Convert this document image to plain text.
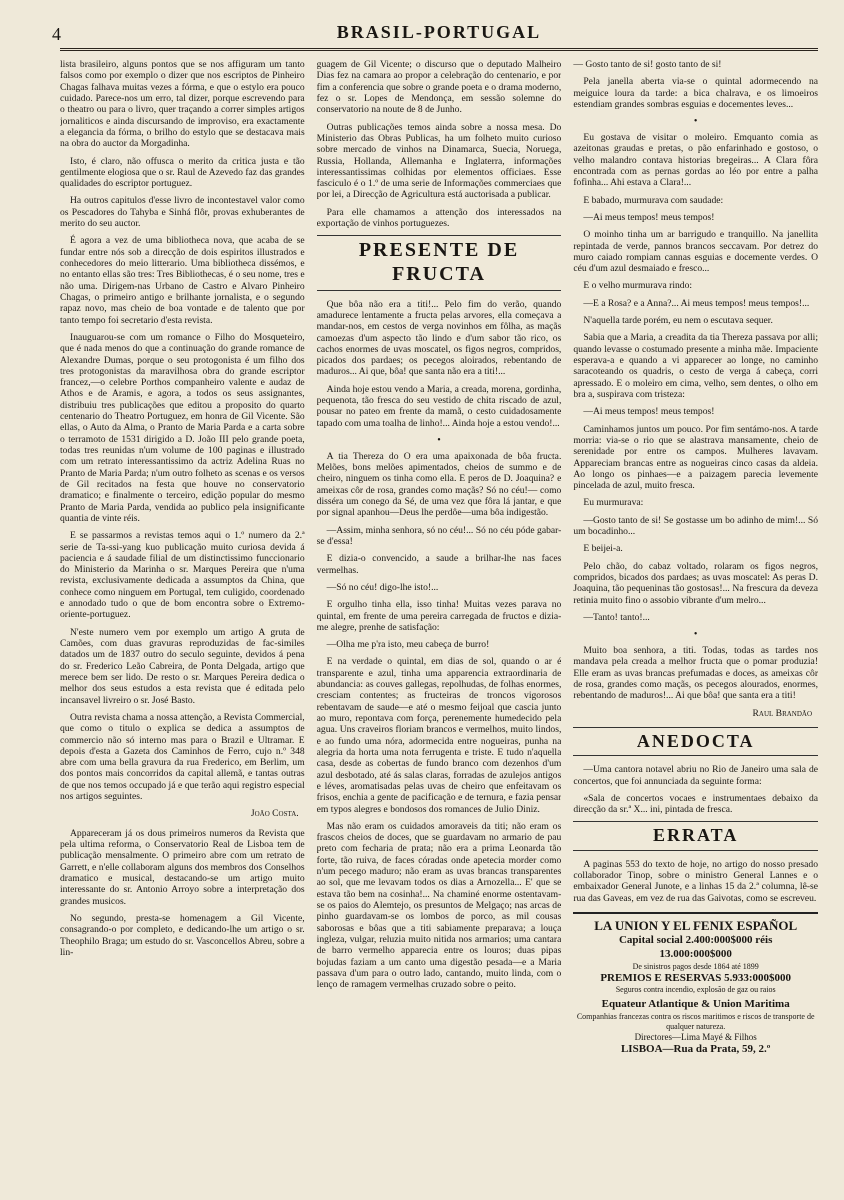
4	BRASIL-PORTUGAL

lista brasileiro, alguns pontos que se nos affiguram um tanto falsos como por exemplo o dizer que nos escriptos de Pinheiro Chagas falhava muitas vezes a fórma, e que o estylo era pouco cuidado. Parece-nos um erro, tal dizer, porque escrevendo para o theatro ou para o livro, quer traçando a correr simples artigos jornaliticos e ainda discursando de improviso, era exactamente a elegancia da fórma, o brilho do estylo que se destacava mais na obra do auctor da Morgadinha.

Isto, é claro, não offusca o merito da critica justa e tão gentilmente elogiosa que o sr. Raul de Azevedo faz das grandes qualidades do escriptor portuguez.

Ha outros capitulos d'esse livro de incontestavel valor como os Pescadores do Tahyba e Sinhá flôr, provas exhuberantes de merito do seu auctor.

É agora a vez de uma bibliotheca nova, que acaba de se fundar entre nós sob a direcção de dois espiritos illustrados e conhecedores do meio litterario. Uma bibliotheca dissémos, e no entanto ellas são tres: Tres Bibliothecas, é o seu nome, tres e não uma. Dirigem-nas Urbano de Castro e Alvaro Pinheiro Chagas, o primeiro antigo e brilhante jornalista, e o segundo rapaz novo, mas cheio de boa vontade e de talento que por tanto tempo foi secretario d'esta revista.

Inauguarou-se com um romance o Filho do Mosqueteiro, que é nada menos do que a continuação do grande romance de Alexandre Dumas, porque o seu protogonista é um filho dos tres protogonistas da maravilhosa obra do grande escriptor francez,—o celebre Porthos companheiro valente e audaz de Athos e de Aramis, e agora, a todos os seus assignantes, distribuiu tres publicações que editou a proposito do quarto centenario do Theatro Portuguez, em honra de Gil Vicente. São ellas, o Auto da Alma, o Pranto de Maria Parda e a carta sobre o terramoto de 1531 dirigido a D. João III pelo grande poeta, todas tres reunidas n'um volume de 100 paginas e illustrado com um retrato interessantissimo da actriz Adelina Ruas no Pranto de Maria Parda; n'um outro folheto as scenas e os versos de Gil recitados na festa que houve no conservatorio dramatico; e finalmente o terceiro, edição popular do mesmo Pranto de Maria Parda, vendida ao publico pela insignificante quantia de vinte réis.

E se passarmos a revistas temos aqui o 1.º numero da 2.ª serie de Ta-ssi-yang kuo publicação muito curiosa devida á paciencia e á saudade filial de um distinctissimo funccionario do Ministerio da Marinha o sr. Marques Pereira que n'uma revista, exclusivamente dedicada a assumptos da China, que conhece como ninguem em Portugal, tem culigido, coordenado e annodado tudo o que de bom encontra sobre o Extremo-oriente-portuguez.

N'este numero vem por exemplo um artigo A gruta de Camões, com duas gravuras reproduzidas de fac-similes datados um de 1837 outro do seculo seguinte, devidos á pena do sr. Frederico Leão Cabreira, de Ponta Delgada, artigo que merece bem ser lido. De resto o sr. Marques Pereira dedica o melhor dos seus estudos a esta revista que é editada pelo incansavel livreiro o sr. José Basto.

Outra revista chama a nossa attenção, a Revista Commercial, que como o titulo o explica se dedica a assumptos de commercio não só interno mas para o Brazil e Ultramar. E depois d'esta a Gazeta dos Caminhos de Ferro, cujo n.º 348 abre com uma bella gravura da rua Frederico, em Berlim, um dos pontos mais concorridos da capital allemã, e tantas outras de que nos temos occupado já e que terão aqui registro especial nos artigos seguintes.

João Costa.

Appareceram já os dous primeiros numeros da Revista que pela ultima reforma, o Conservatorio Real de Lisboa tem de publicação mensalmente. O primeiro abre com um retrato de Garrett, e n'elle collaboram alguns dos membros dos Conselhos dramatico e musical, destacando-se um artigo muito interessante do sr. Antonio Arroyo sobre a interpretação dos grandes musicos.

No segundo, presta-se homenagem a Gil Vicente, consagrando-o por completo, e dedicando-lhe um artigo o sr. Theophilo Braga; um estudo do sr. Vasconcellos Abreu, sobre a lin-

guagem de Gil Vicente; o discurso que o deputado Malheiro Dias fez na camara ao propor a celebração do centenario, e por fim a conferencia que sobre o grande poeta e o drama moderno, fez o sr. Lopes de Mendonça, em sessão solemne do conservatorio na noute de 8 de Junho.

Outras publicações temos ainda sobre a nossa mesa. Do Ministerio das Obras Publicas, ha um folheto muito curioso sobre mercado de vinhos na Dinamarca, Suecia, Noruega, Russia, Hollanda, Allemanha e Inglaterra, informações interessantissimas colhidas por elementos officiaes. Esse fasciculo é o 1.º de uma serie de Informações commerciaes que por lei, a Direcção de Agricultura está auctorisada a publicar.

Para elle chamamos a attenção dos interessados na exportação de vinhos portuguezes.

PRESENTE DE FRUCTA

Que bôa não era a titi!... Pelo fim do verão, quando amadurece lentamente a fructa pelas arvores, ella começava a mandar-nos, em cestos de verga novinhos em fôlha, as maçãs camoezas d'um aspecto tão lindo e d'um sabor tão rico, os cachos enormes de uvas moscatel, os figos negros, compridos, picados dos pardaes; os pecegos aloirados, rebentando de maduros... Ai que, bôa! que santa não era a titi!...

Ainda hoje estou vendo a Maria, a creada, morena, gordinha, pequenota, tão fresca do seu vestido de chita riscado de azul, pousar no pateo em frente da mamã, o cesto cuidadosamente tapado com uma toalha de linho!... Ainda hoje a estou vendo!...

•

A tia Thereza do O era uma apaixonada de bôa fructa. Melões, bons melões apimentados, cheios de summo e de cheiro, ninguem os tinha como ella. E peros de D. Joaquina? e ameixas côr de rosa, grandes como maçãs? Só no céu!— como disséra um conego da Sé, de uma vez que fôra lá jantar, e que por signal apanhou—Deus lhe perdôe—uma bôa indigestão.

—Assim, minha senhora, só no céu!... Só no céu póde gabar-se d'essa!

E dizia-o convencido, a saude a brilhar-lhe nas faces vermelhas.

—Só no céu! digo-lhe isto!...

E orgulho tinha ella, isso tinha! Muitas vezes parava no quintal, em frente de uma pereira carregada de fructos e dizia-me alegre, prenhe de satisfação:

—Olha me p'ra isto, meu cabeça de burro!

E na verdade o quintal, em dias de sol, quando o ar é transparente e azul, tinha uma apparencia extraordinaria de abundancia: as couves gallegas, repolhudas, de folhas enormes, cresciam contentes; as fructeiras de troncos vigorosos rebentavam de saude—e até o mesmo feijoal que cascia junto ao muro, repontava com força, perenemente humedecido pela agua. Uns craveiros floriam brancos e vermelhos, muito lindos, e ao fundo uma nóra, adormecida entre nogueiras, punha na alegria da horta uma nota ferrugenta e triste. E tudo n'aquella casa, desde as cobertas de fundo branco com dezenhos d'um azul desbotado, até ás salas claras, forradas de azulejos antigos e léves, aromatisadas pelas uvas de cheiro que enfeitavam os frisos, enchia a gente de pacificação e de ternura, e fazia pensar em typos alegres e bondosos dos romances de Julio Diniz.

Mas não eram os cuidados amoraveis da titi; não eram os frascos cheios de doces, que se guardavam no armario de pau preto com fecharia de prata; não era a prima Leonarda tão forte, tão ruiva, de faces córadas onde apetecia morder como n'um pecego maduro; não eram as uvas brancas transparentes ao sol, que me levavam todos os dias a Arnozella... E' que se estava tão bem na cosinha!... Na chaminé enorme ostentavam-se os paios do Alemtejo, os presuntos de Melgaço; nas arcas de pinho guardavam-se os lombos de porco, as mil cousas saborosas e bôas que a titi sabiamente preparava; a louça ingleza, vulgar, reluzia muito nitida nos armarios; uma cantara de barro vermelho apparecia entre os louros; duas pipas bojudas faziam a um canto uma digestão pesada—e a Maria passava d'um para o outro lado, cantando, muito linda, com o lenço de ramagem vermelhas cruzado sobre o peito.

— Gosto tanto de si! gosto tanto de si!

Pela janella aberta via-se o quintal adormecendo na meiguice loura da tarde: a bica chalrava, e os limoeiros estendiam grandes sombras esguias e docementes leves...

•

Eu gostava de visitar o moleiro. Emquanto comia as azeitonas graudas e pretas, o pão enfarinhado e gostoso, o velho malandro contava historias bregeiras... A Clara fôra encontrada com as pernas gordas ao léo por entre a palha fofinha... Ahi estava a Clara!...

E babado, murmurava com saudade:

—Ai meus tempos! meus tempos!

O moinho tinha um ar barrigudo e tranquillo. Na janellita repintada de verde, pannos brancos seccavam. Por detrez do muro caiado rompiam cannas esguias e docemente verdes. O céu d'um azul desmaiado e fresco...

E o velho murmurava rindo:

—E a Rosa? e a Anna?... Ai meus tempos! meus tempos!...

N'aquella tarde porém, eu nem o escutava sequer.

Sabia que a Maria, a creadita da tia Thereza passava por alli; quando levasse o costumado presente a minha mãe. Impaciente esperava-a e quando a vi apparecer ao longe, no caminho saracoteando os quadris, o cesto de verga á cabeça, corri apressado. E o moleiro em cima, velho, sem dentes, o olho em bra a, suspirava com tristeza:

—Ai meus tempos! meus tempos!

Caminhamos juntos um pouco. Por fim sentámo-nos. A tarde morria: via-se o rio que se alastrava mansamente, cheio de serenidade por entre os campos. Mulheres lavavam. Appareciam brancas entre as nogueiras cinco casas da aldeia. Ao longo os pinhaes—e a paizagem parecia levemente pincelada de azul, muito fresca.

Eu murmurava:

—Gosto tanto de si! Se gostasse um bo adinho de mim!... Só um bocadinho...

E beijei-a.

Pelo chão, do cabaz voltado, rolaram os figos negros, compridos, bicados dos pardaes; as uvas moscatel: As peras D. Joaquina, tão pequeninas tão gostosas!... Na frescura da deveza retinia muito fino o assobio vibrante d'um melro...

—Tanto! tanto!...

•

Muito boa senhora, a titi. Todas, todas as tardes nos mandava pela creada a melhor fructa que o pomar produzia! Elle eram as uvas brancas prefumadas e doces, as ameixas côr de rosa, grandes como maçãs, os pecegos alourados, enormes, rebentando de maduros!... Ai que bôa! que santa era a titi!

Raul Brandão
ANEDOCTA

—Uma cantora notavel abriu no Rio de Janeiro uma sala de concertos, que foi annunciada da seguinte forma:

«Sala de concertos vocaes e instrumentaes debaixo da direcção da sr.ª X... ini, pintada de fresca.

ERRATA

A paginas 553 do texto de hoje, no artigo do nosso presado collaborador Tinop, sobre o ministro General Lannes e o embaixador General Junote, e a linhas 15 da 2.ª columna, lê-se rua das Gaveas, em vez de rua das Gaivotas, como se escreveu.

LA UNION Y EL FENIX ESPAÑOL
Capital social 2.400:000$000 réis
13.000:000$000
De sinistros pagos desde 1864 até 1899
PREMIOS E RESERVAS 5.933:000$000
Seguros contra incendio, explosão de gaz ou raios
Equateur Atlantique & Union Maritima
Companhias francezas contra os riscos maritimos e riscos de transporte de qualquer natureza.
Directores—Lima Mayé & Filhos
LISBOA—Rua da Prata, 59, 2.º
